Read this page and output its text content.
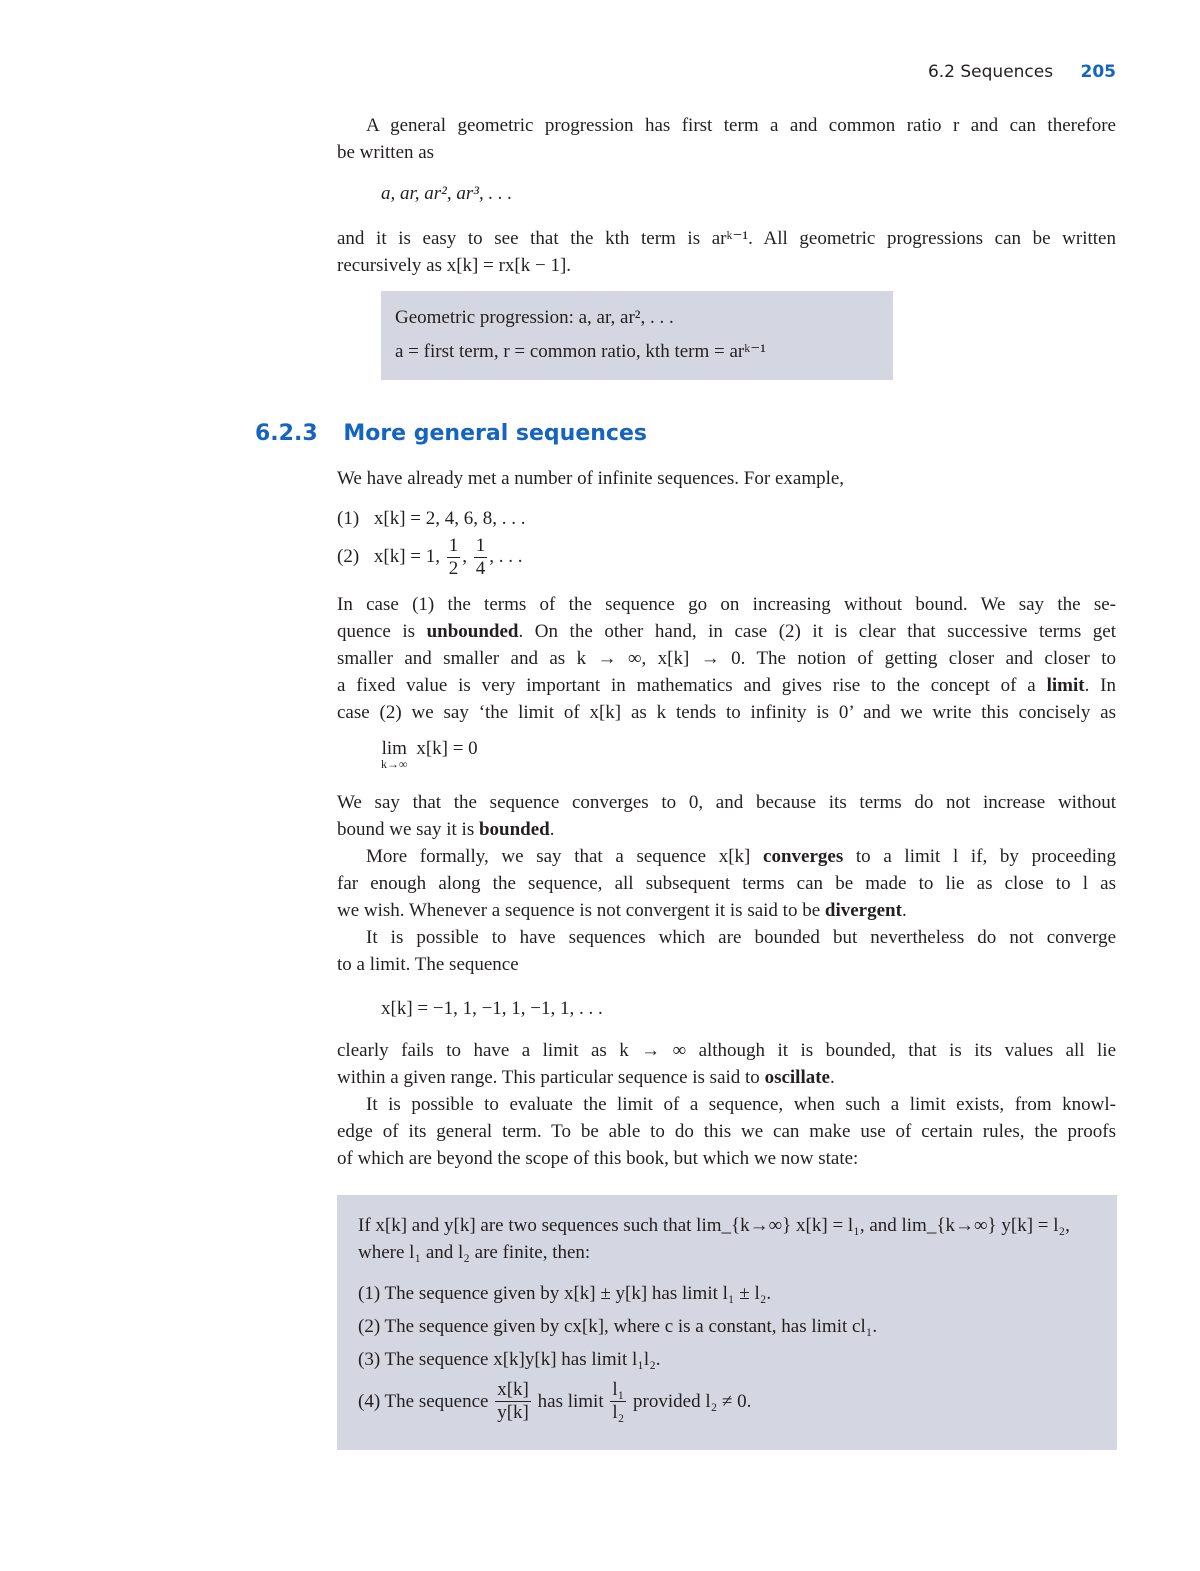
6.2 Sequences 205
A general geometric progression has first term a and common ratio r and can therefore
be written as
a, ar, ar², ar³, . . .
and it is easy to see that the kth term is arᵏ⁻¹. All geometric progressions can be written
recursively as x[k] = rx[k − 1].
Geometric progression: a, ar, ar², . . .
a = first term, r = common ratio, kth term = arᵏ⁻¹
6.2.3 More general sequences
We have already met a number of infinite sequences. For example,
(1) x[k] = 2, 4, 6, 8, . . .
(2) x[k] = 1, $\frac{1}{2}$ , $\frac{1}{4}$ , . . .
In case (1) the terms of the sequence go on increasing without bound. We say the se-
quence is unbounded. On the other hand, in case (2) it is clear that successive terms get
smaller and smaller and as k → ∞, x[k] → 0. The notion of getting closer and closer to
a fixed value is very important in mathematics and gives rise to the concept of a limit. In
case (2) we say ‘the limit of x[k] as k tends to infinity is 0’ and we write this concisely as
lim
k→∞
x[k] = 0
We say that the sequence converges to 0, and because its terms do not increase without
bound we say it is bounded.
More formally, we say that a sequence x[k] converges to a limit l if, by proceeding
far enough along the sequence, all subsequent terms can be made to lie as close to l as
we wish. Whenever a sequence is not convergent it is said to be divergent.
It is possible to have sequences which are bounded but nevertheless do not converge
to a limit. The sequence
x[k] = −1, 1, −1, 1, −1, 1, . . .
clearly fails to have a limit as k → ∞ although it is bounded, that is its values all lie
within a given range. This particular sequence is said to oscillate.
It is possible to evaluate the limit of a sequence, when such a limit exists, from knowl-
edge of its general term. To be able to do this we can make use of certain rules, the proofs
of which are beyond the scope of this book, but which we now state:
If x[k] and y[k] are two sequences such that lim_{k→∞} x[k] = l₁, and lim_{k→∞} y[k] = l₂,
where l₁ and l₂ are finite, then:
(1) The sequence given by x[k] ± y[k] has limit l₁ ± l₂.
(2) The sequence given by cx[k], where c is a constant, has limit cl₁.
(3) The sequence x[k]y[k] has limit l₁l₂.
(4) The sequence $\frac{x[k]}{y[k]}$ has limit $\frac{\text{l₁}}{\text{l₂}}$ provided l₂ ≠ 0.
